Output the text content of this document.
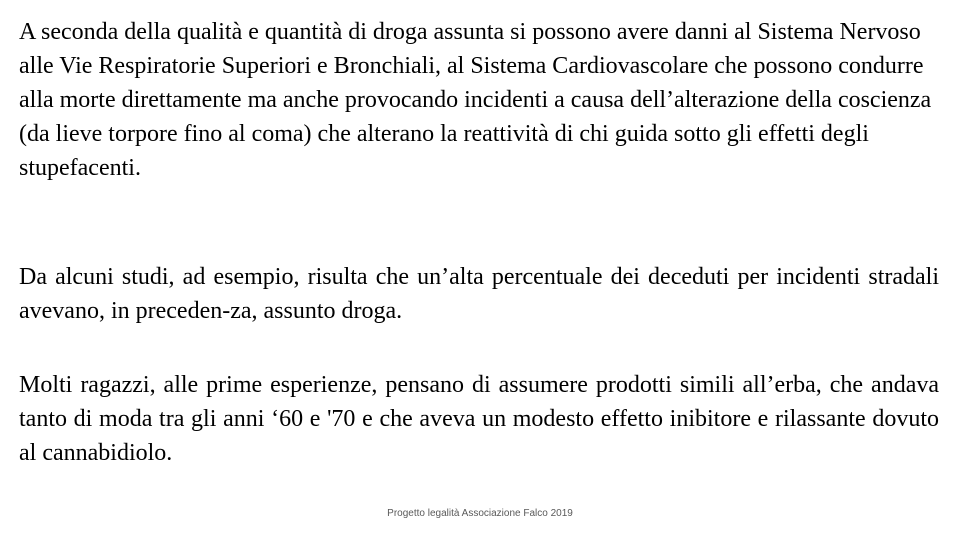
A seconda della qualità e quantità di droga assunta si possono avere danni al Sistema Nervoso alle Vie Respiratorie Superiori e Bronchiali, al Sistema Cardiovascolare che possono condurre alla morte direttamente ma anche provocando incidenti a causa dell’alterazione della coscienza (da lieve torpore fino al coma) che alterano la reattività di chi guida sotto gli effetti degli stupefacenti.

Da alcuni studi, ad esempio, risulta che un’alta percentuale dei deceduti per incidenti stradali avevano, in preceden-za, assunto droga.

Molti ragazzi, alle prime esperienze, pensano di assumere prodotti simili all’erba, che andava tanto di moda tra gli anni ‘60 e '70 e che aveva un modesto effetto inibitore e rilassante dovuto al cannabidiolo.

Progetto legalità Associazione Falco 2019
